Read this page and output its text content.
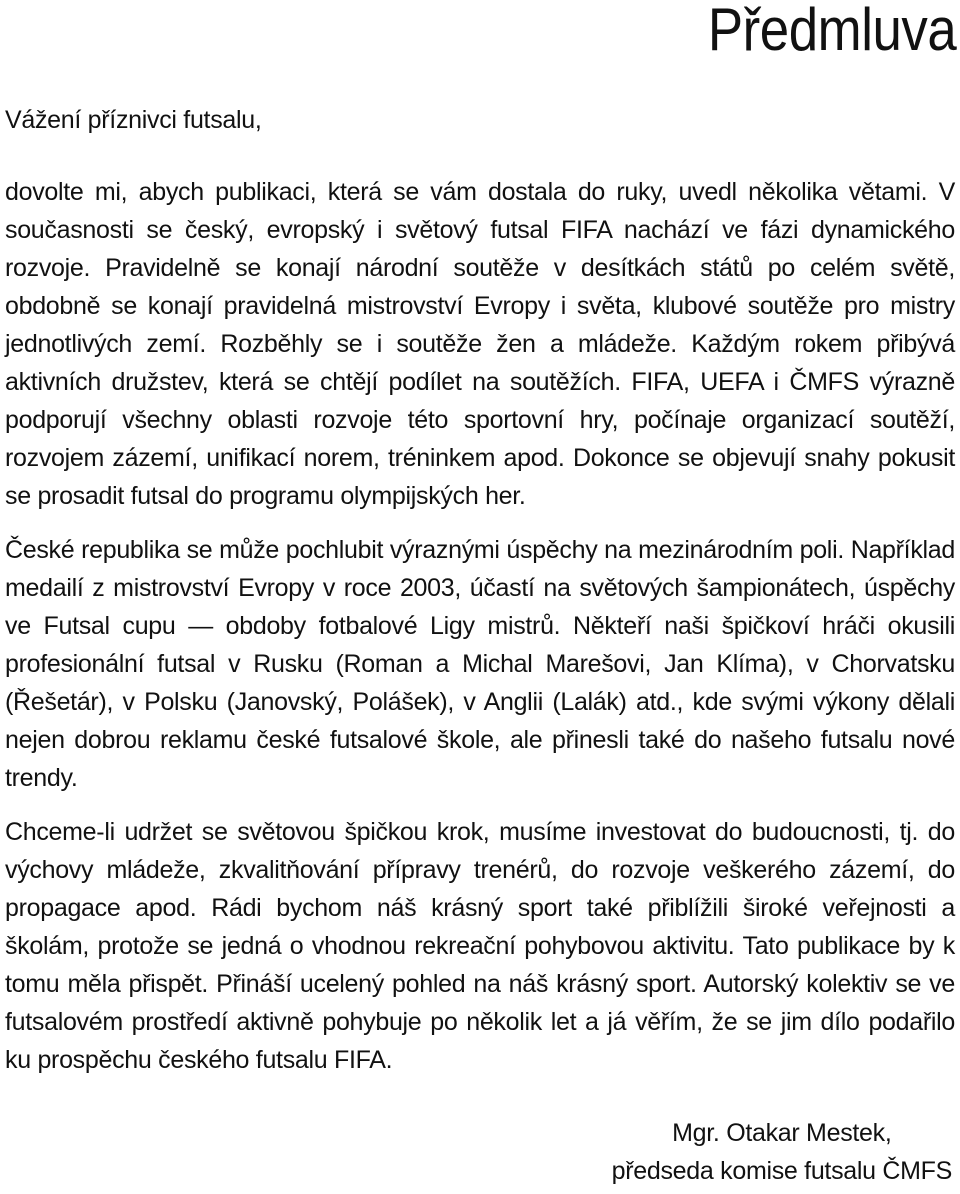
Předmluva

Vážení příznivci futsalu,

dovolte mi, abych publikaci, která se vám dostala do ruky, uvedl několika větami. V současnosti se český, evropský i světový futsal FIFA nachází ve fázi dynamického rozvoje. Pravidelně se konají národní soutěže v desítkách států po celém světě, obdobně se konají pravidelná mistrovství Evropy i světa, klubové soutěže pro mistry jednotlivých zemí. Rozběhly se i soutěže žen a mládeže. Každým rokem přibývá aktivních družstev, která se chtějí podílet na soutěžích. FIFA, UEFA i ČMFS výrazně podporují všechny oblasti rozvoje této sportovní hry, počínaje organizací soutěží, rozvojem zázemí, unifikací norem, tréninkem apod. Dokonce se objevují snahy pokusit se prosadit futsal do programu olympijských her.

České republika se může pochlubit výraznými úspěchy na mezinárodním poli. Například medailí z mistrovství Evropy v roce 2003, účastí na světových šampionátech, úspěchy ve Futsal cupu — obdoby fotbalové Ligy mistrů. Někteří naši špičkoví hráči okusili profesionální futsal v Rusku (Roman a Michal Marešovi, Jan Klíma), v Chorvatsku (Řešetár), v Polsku (Janovský, Polášek), v Anglii (Lalák) atd., kde svými výkony dělali nejen dobrou reklamu české futsalové škole, ale přinesli také do našeho futsalu nové trendy.

Chceme-li udržet se světovou špičkou krok, musíme investovat do budoucnosti, tj. do výchovy mládeže, zkvalitňování přípravy trenérů, do rozvoje veškerého zázemí, do propagace apod. Rádi bychom náš krásný sport také přiblížili široké veřejnosti a školám, protože se jedná o vhodnou rekreační pohybovou aktivitu. Tato publikace by k tomu měla přispět. Přináší ucelený pohled na náš krásný sport. Autorský kolektiv se ve futsalovém prostředí aktivně pohybuje po několik let a já věřím, že se jim dílo podařilo ku prospěchu českého futsalu FIFA.

Mgr. Otakar Mestek,
předseda komise futsalu ČMFS
